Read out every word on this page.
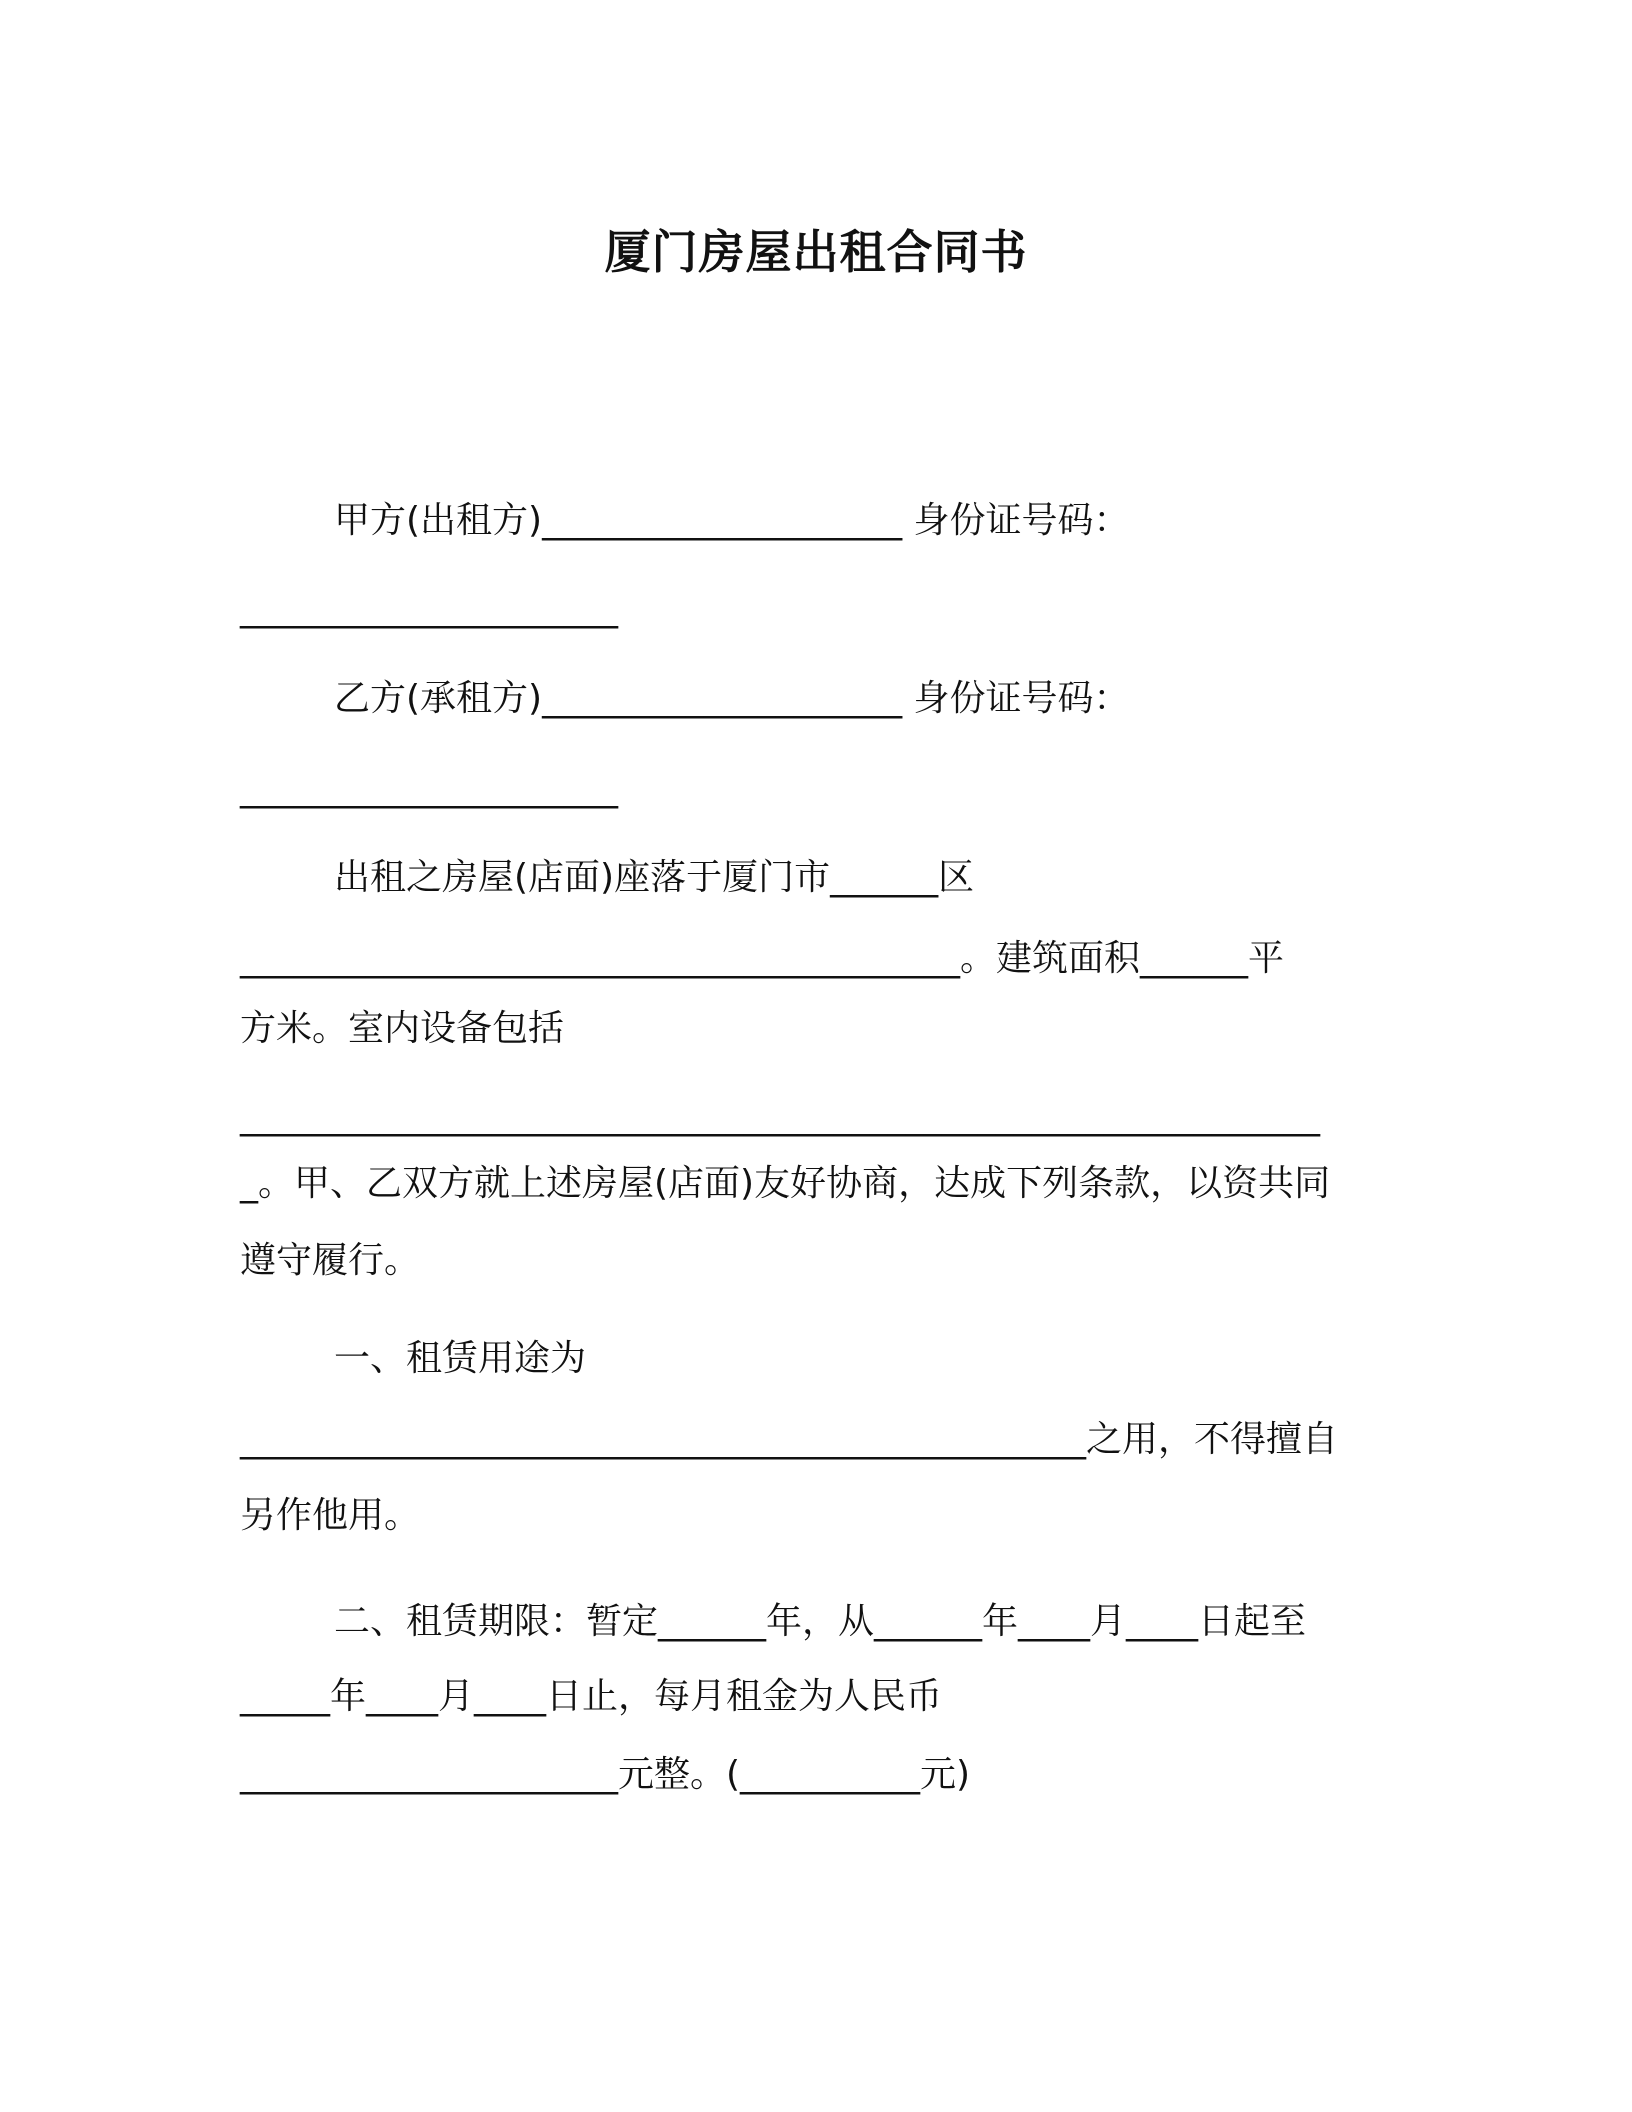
厦门房屋出租合同书
甲方(出租方)____________________ 身份证号码：
_____________________
乙方(承租方)____________________ 身份证号码：
_____________________
出租之房屋(店面)座落于厦门市______区
________________________________________。建筑面积______平
方米。室内设备包括
____________________________________________________________
_。甲、乙双方就上述房屋(店面)友好协商，达成下列条款，以资共同
遵守履行。
一、租赁用途为
_______________________________________________之用，不得擅自
另作他用。
二、租赁期限：暂定______年，从______年____月____日起至
_____年____月____日止，每月租金为人民币
_____________________元整。(__________元)
